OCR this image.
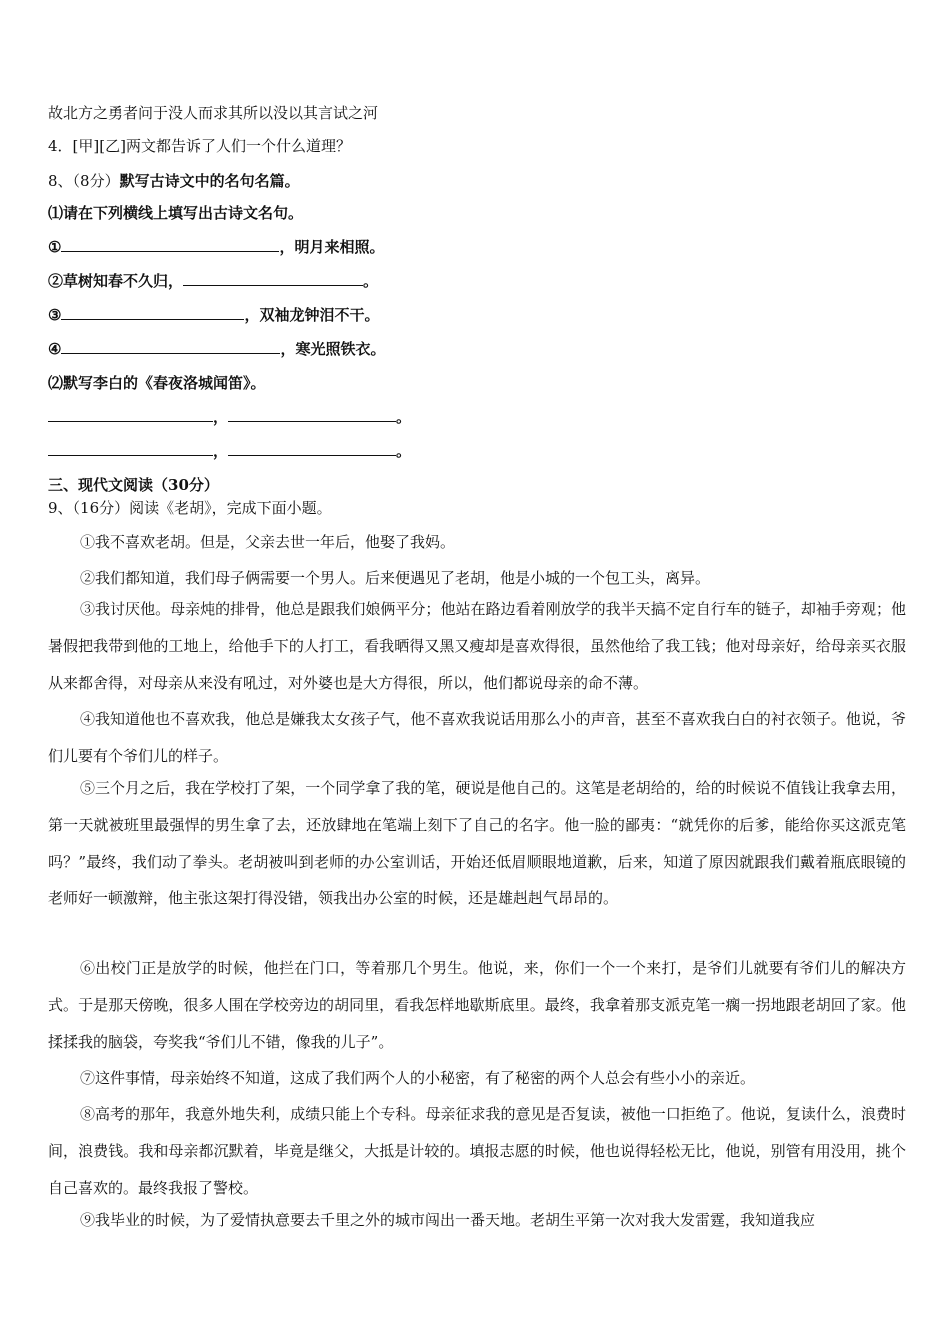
故北方之勇者问于没人而求其所以没以其言试之河
4．[甲][乙]两文都告诉了人们一个什么道理？
8、（8分）默写古诗文中的名句名篇。
⑴请在下列横线上填写出古诗文名句。
①	，明月来相照。
②草树知春不久归，	。
③	，双袖龙钟泪不干。
④	，寒光照铁衣。
⑵默写李白的《春夜洛城闻笛》。
，	。
，	。
三、现代文阅读（30分）
9、（16分）阅读《老胡》，完成下面小题。
①我不喜欢老胡。但是，父亲去世一年后，他娶了我妈。
②我们都知道，我们母子俩需要一个男人。后来便遇见了老胡，他是小城的一个包工头，离异。
③我讨厌他。母亲炖的排骨，他总是跟我们娘俩平分；他站在路边看着刚放学的我半天搞不定自行车的链子，却袖手旁观；他暑假把我带到他的工地上，给他手下的人打工，看我晒得又黑又瘦却是喜欢得很，虽然他给了我工钱；他对母亲好，给母亲买衣服从来都舍得，对母亲从来没有吼过，对外婆也是大方得很，所以，他们都说母亲的命不薄。
④我知道他也不喜欢我，他总是嫌我太女孩子气，他不喜欢我说话用那么小的声音，甚至不喜欢我白白的衬衣领子。他说，爷们儿要有个爷们儿的样子。
⑤三个月之后，我在学校打了架，一个同学拿了我的笔，硬说是他自己的。这笔是老胡给的，给的时候说不值钱让我拿去用，第一天就被班里最强悍的男生拿了去，还放肆地在笔端上刻下了自己的名字。他一脸的鄙夷：“就凭你的后爹，能给你买这派克笔吗？”最终，我们动了拳头。老胡被叫到老师的办公室训话，开始还低眉顺眼地道歉，后来，知道了原因就跟我们戴着瓶底眼镜的老师好一顿激辩，他主张这架打得没错，领我出办公室的时候，还是雄赳赳气昂昂的。
⑥出校门正是放学的时候，他拦在门口，等着那几个男生。他说，来，你们一个一个来打，是爷们儿就要有爷们儿的解决方式。于是那天傍晚，很多人围在学校旁边的胡同里，看我怎样地歇斯底里。最终，我拿着那支派克笔一瘸一拐地跟老胡回了家。他揉揉我的脑袋，夸奖我“爷们儿不错，像我的儿子”。
⑦这件事情，母亲始终不知道，这成了我们两个人的小秘密，有了秘密的两个人总会有些小小的亲近。
⑧高考的那年，我意外地失利，成绩只能上个专科。母亲征求我的意见是否复读，被他一口拒绝了。他说，复读什么，浪费时间，浪费钱。我和母亲都沉默着，毕竟是继父，大抵是计较的。填报志愿的时候，他也说得轻松无比，他说，别管有用没用，挑个自己喜欢的。最终我报了警校。
⑨我毕业的时候，为了爱情执意要去千里之外的城市闯出一番天地。老胡生平第一次对我大发雷霆，我知道我应
